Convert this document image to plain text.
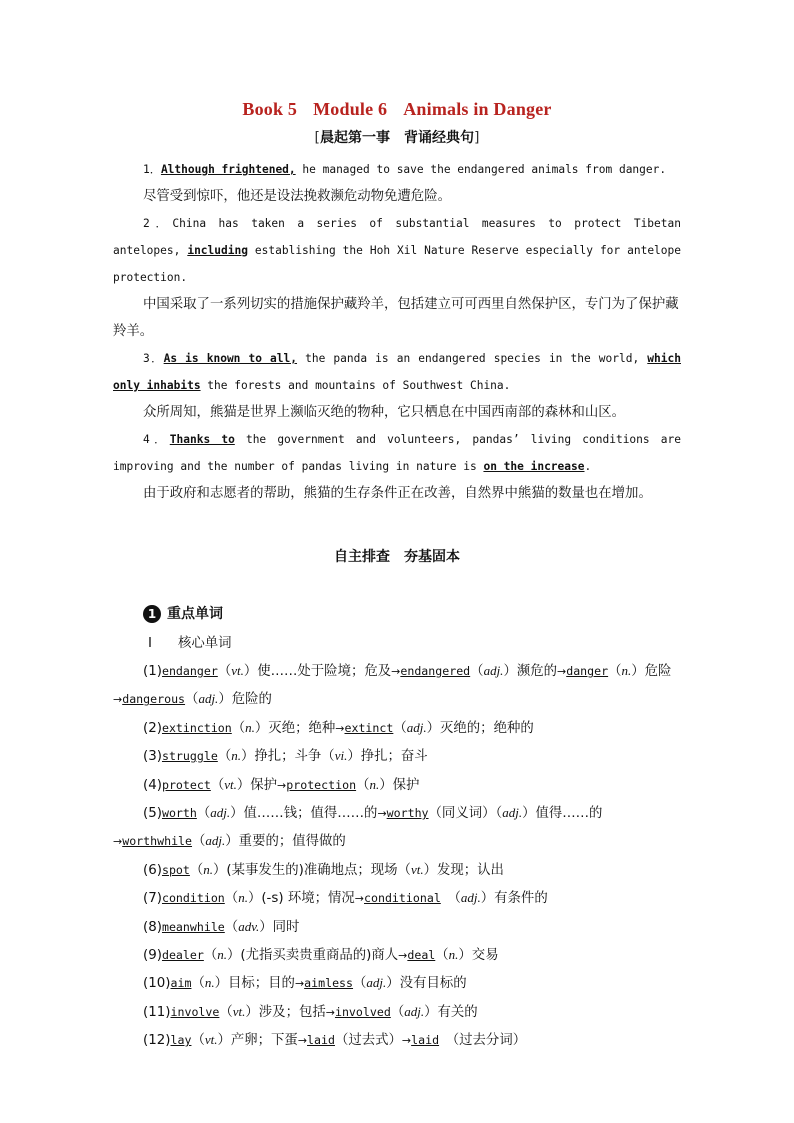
Book 5 Module 6 Animals in Danger
[晨起第一事　背诵经典句]

1．Although frightened, he managed to save the endangered animals from danger.

尽管受到惊吓，他还是设法挽救濒危动物免遭危险。

2．China has taken a series of substantial measures to protect Tibetan antelopes, including establishing the Hoh Xil Nature Reserve especially for antelope protection.

中国采取了一系列切实的措施保护藏羚羊，包括建立可可西里自然保护区，专门为了保护藏羚羊。

3．As is known to all, the panda is an endangered species in the world, which only inhabits the forests and mountains of Southwest China.

众所周知，熊猫是世界上濒临灭绝的物种，它只栖息在中国西南部的森林和山区。

4．Thanks to the government and volunteers, pandas’ living conditions are improving and the number of pandas living in nature is on the increase.

由于政府和志愿者的帮助，熊猫的生存条件正在改善，自然界中熊猫的数量也在增加。

自主排查　夯基固本
1 重点单词
Ⅰ 核心单词

(1)endanger（vt.）使……处于险境；危及→endangered（adj.）濒危的→danger（n.）危险→dangerous（adj.）危险的

(2)extinction（n.）灭绝；绝种→extinct（adj.）灭绝的；绝种的

(3)struggle（n.）挣扎；斗争（vi.）挣扎；奋斗

(4)protect（vt.）保护→protection（n.）保护

(5)worth（adj.）值……钱；值得……的→worthy（同义词）（adj.）值得……的→worthwhile（adj.）重要的；值得做的

(6)spot（n.）(某事发生的)准确地点；现场（vt.）发现；认出

(7)condition（n.）(-s) 环境；情况→conditional　（adj.）有条件的

(8)meanwhile（adv.）同时

(9)dealer（n.）(尤指买卖贵重商品的)商人→deal（n.）交易

(10)aim（n.）目标；目的→aimless（adj.）没有目标的

(11)involve（vt.）涉及；包括→involved（adj.）有关的

(12)lay（vt.）产卵；下蛋→laid（过去式）→laid　（过去分词）
